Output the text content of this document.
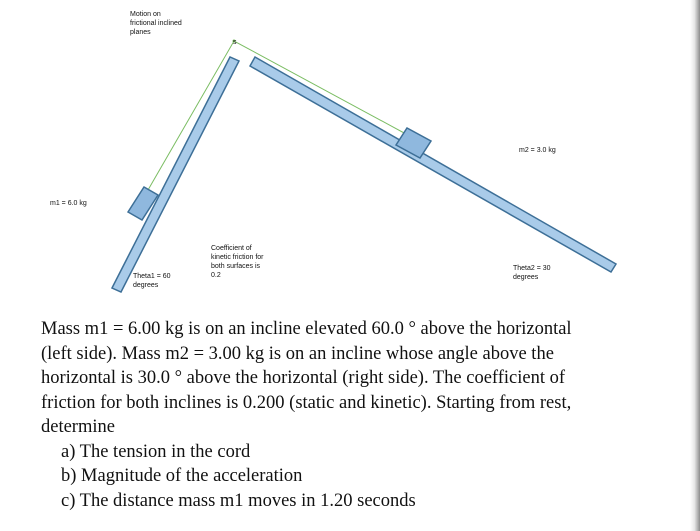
s
Motion on frictional inclined planes
m1 = 6.0 kg
m2 = 3.0 kg
Coefficient of kinetic friction for both surfaces is 0.2
Theta1 = 60 degrees
Theta2 = 30 degrees

Mass m1 = 6.00 kg is on an incline elevated 60.0 ° above the horizontal

(left side). Mass m2 = 3.00 kg is on an incline whose angle above the

horizontal is 30.0 ° above the horizontal (right side). The coefficient of

friction for both inclines is 0.200 (static and kinetic). Starting from rest,

determine

a) The tension in the cord
b) Magnitude of the acceleration
c) The distance mass m1 moves in 1.20 seconds
